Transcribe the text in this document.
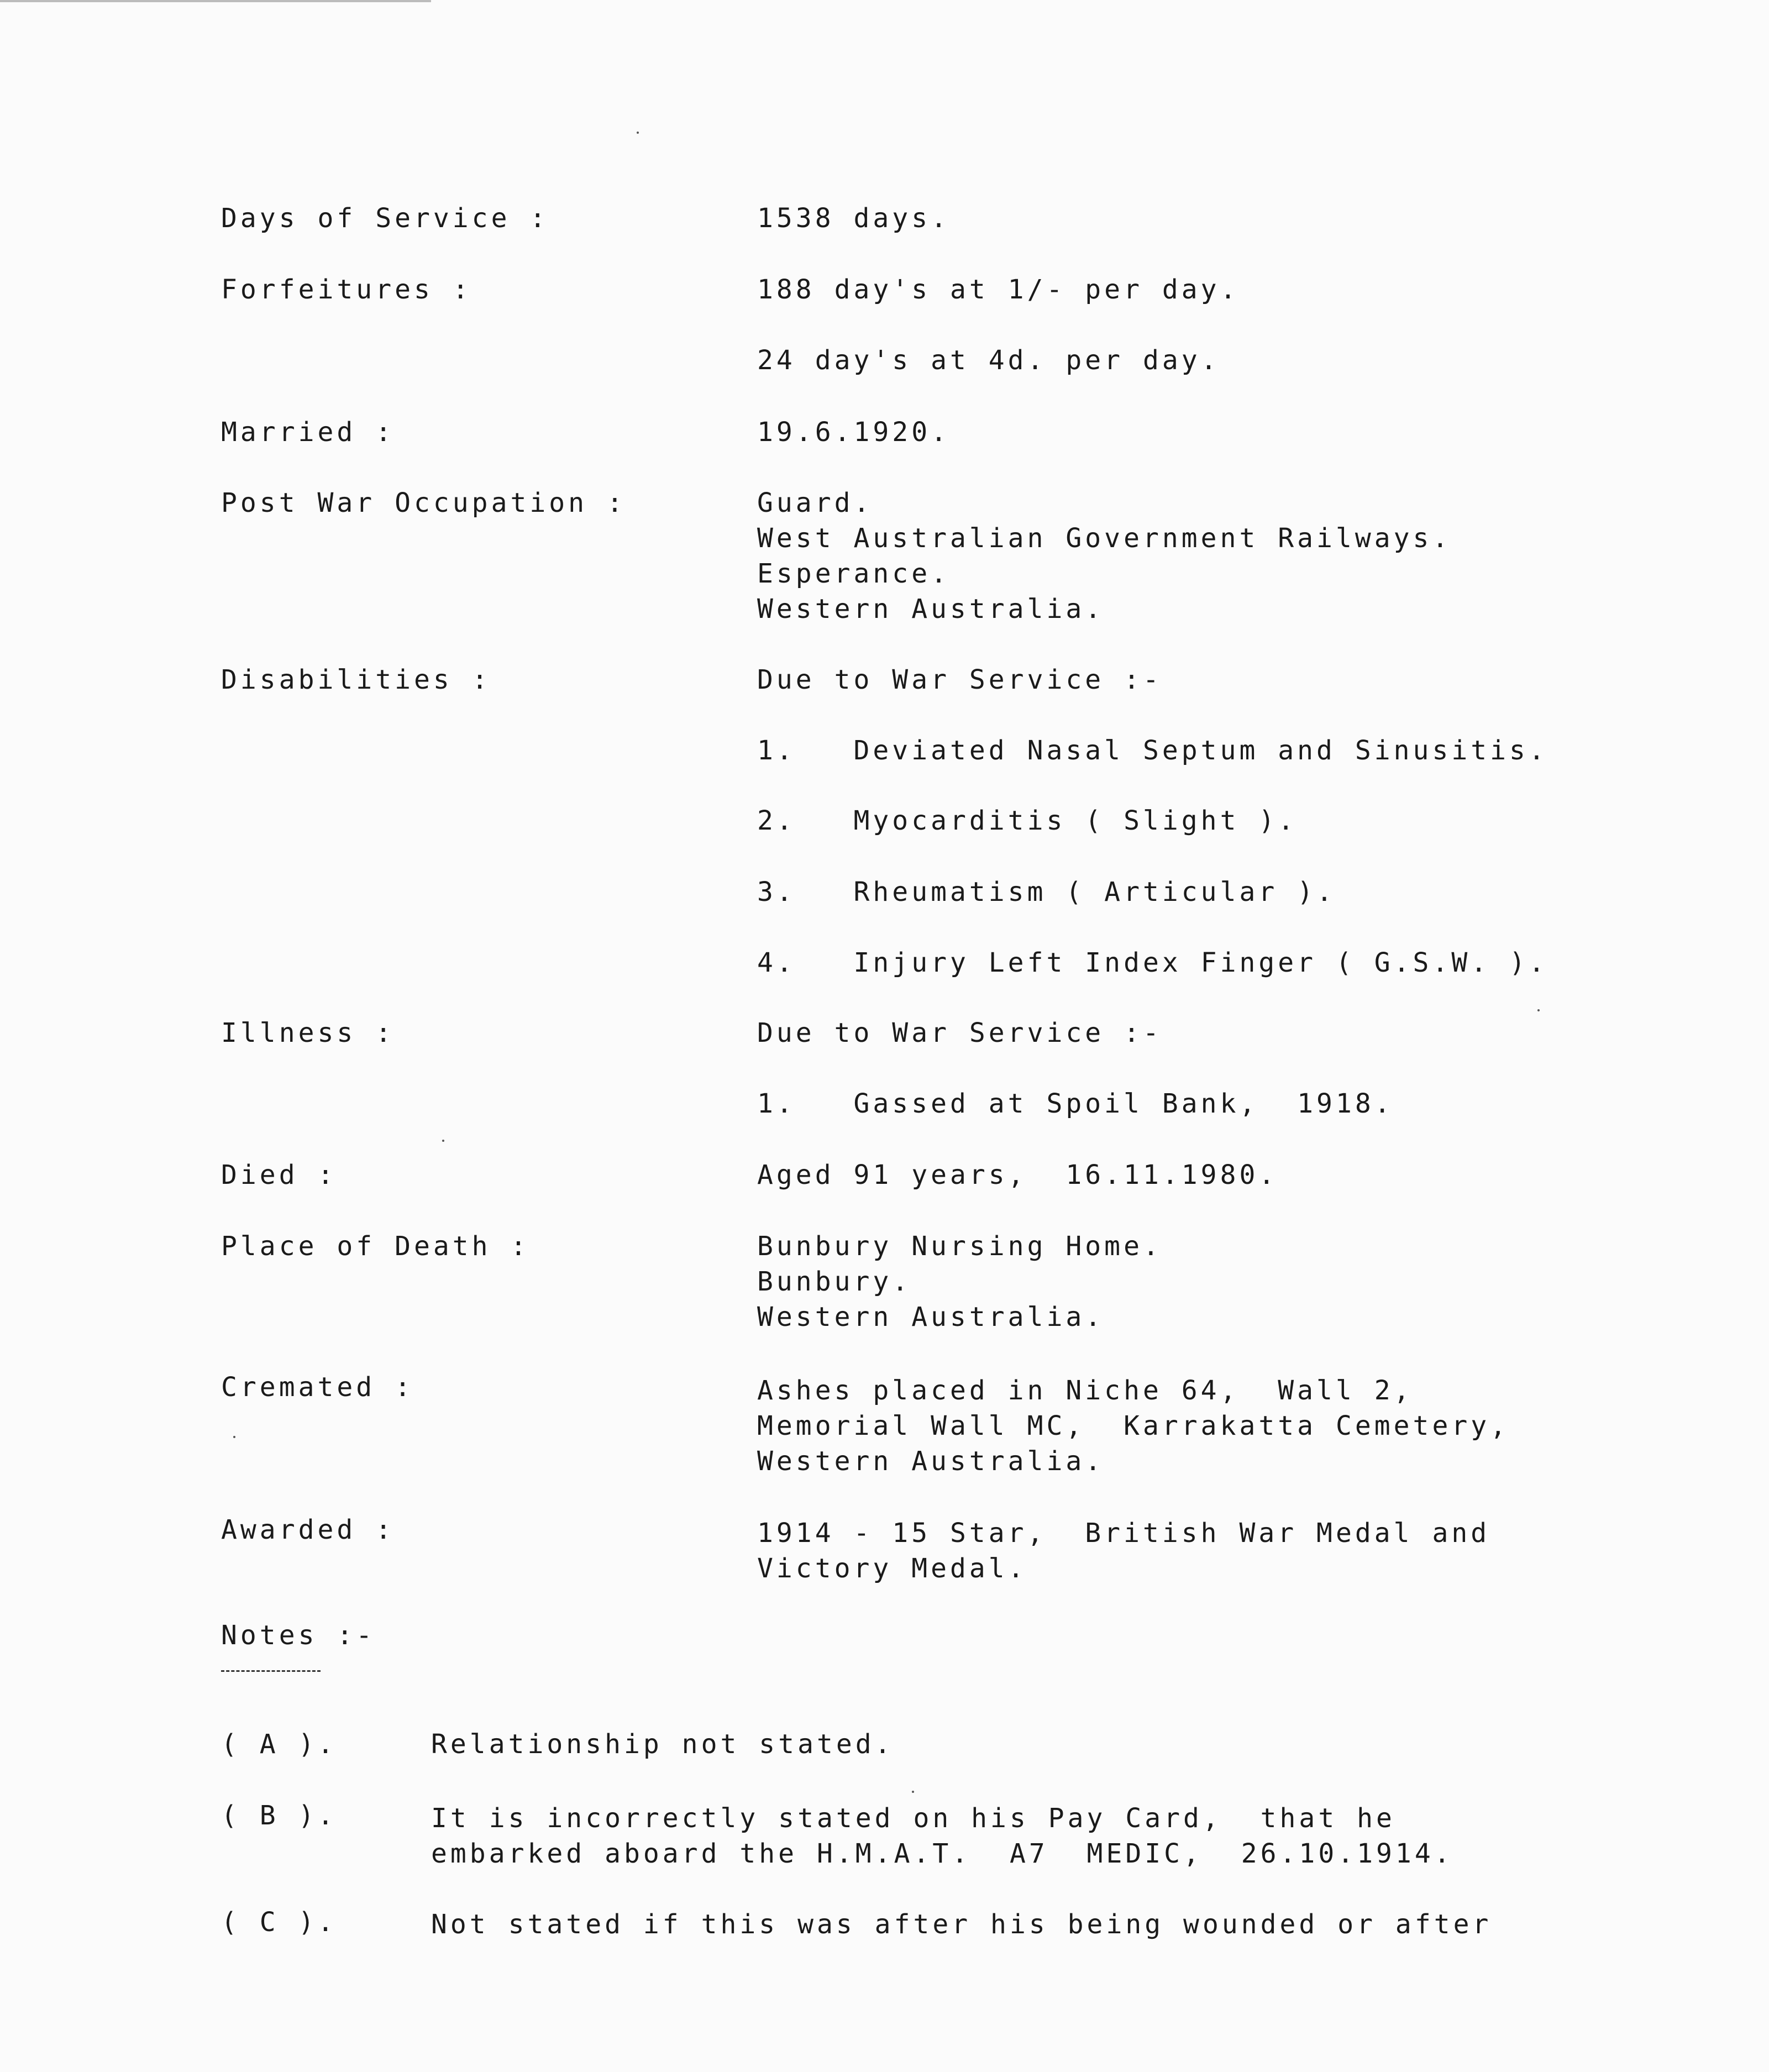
Days of Service :	1538 days.
Forfeitures :	188 day's at 1/- per day.
24 day's at 4d. per day.
Married :	19.6.1920.
Post War Occupation :	Guard.
West Australian Government Railways.
Esperance.
Western Australia.
Disabilities :	Due to War Service :-
1.   Deviated Nasal Septum and Sinusitis.
2.   Myocarditis ( Slight ).
3.   Rheumatism ( Articular ).
4.   Injury Left Index Finger ( G.S.W. ).
Illness :	Due to War Service :-
1.   Gassed at Spoil Bank,  1918.
Died :	Aged 91 years,  16.11.1980.
Place of Death :	Bunbury Nursing Home.
Bunbury.
Western Australia.
Cremated :	Ashes placed in Niche 64,  Wall 2,
Memorial Wall MC,  Karrakatta Cemetery,
Western Australia.
Awarded :	1914 - 15 Star,  British War Medal and
Victory Medal.
Notes :-
( A ).	Relationship not stated.
( B ).	It is incorrectly stated on his Pay Card,  that he
embarked aboard the H.M.A.T.  A7  MEDIC,  26.10.1914.
( C ).	Not stated if this was after his being wounded or after
